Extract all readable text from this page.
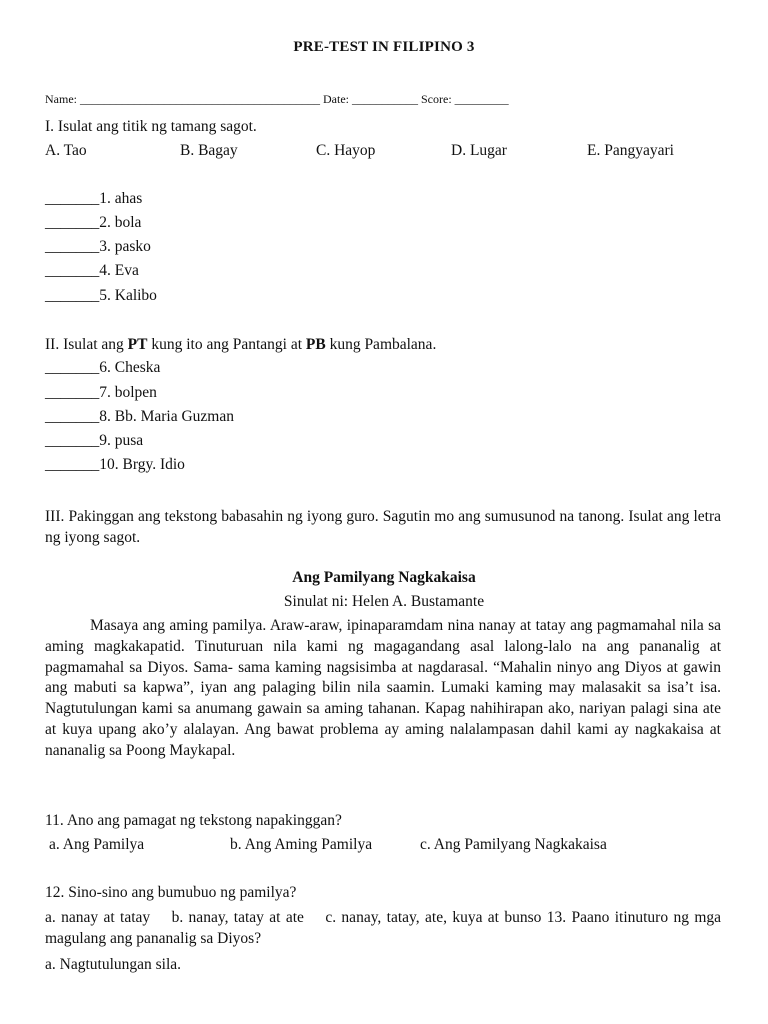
PRE-TEST IN FILIPINO 3
Name: ________________________________________ Date: ___________ Score: _________
I. Isulat ang titik ng tamang sagot.
A. Tao	B. Bagay	C. Hayop	D. Lugar	E. Pangyayari
_______1. ahas
_______2. bola
_______3. pasko
_______4. Eva
_______5. Kalibo
II. Isulat ang PT kung ito ang Pantangi at PB kung Pambalana.
_______6. Cheska
_______7. bolpen
_______8. Bb. Maria Guzman
_______9. pusa
_______10. Brgy. Idio
III. Pakinggan ang tekstong babasahin ng iyong guro. Sagutin mo ang sumusunod na tanong. Isulat ang letra ng iyong sagot.
Ang Pamilyang Nagkakaisa
Sinulat ni: Helen A. Bustamante
Masaya ang aming pamilya. Araw-araw, ipinaparamdam nina nanay at tatay ang pagmamahal nila sa aming magkakapatid. Tinuturuan nila kami ng magagandang asal lalong-lalo na ang pananalig at pagmamahal sa Diyos. Sama- sama kaming nagsisimba at nagdarasal. “Mahalin ninyo ang Diyos at gawin ang mabuti sa kapwa”, iyan ang palaging bilin nila saamin. Lumaki kaming may malasakit sa isa’t isa. Nagtutulungan kami sa anumang gawain sa aming tahanan. Kapag nahihirapan ako, nariyan palagi sina ate at kuya upang ako’y alalayan. Ang bawat problema ay aming nalalampasan dahil kami ay nagkakaisa at nananalig sa Poong Maykapal.
11. Ano ang pamagat ng tekstong napakinggan?
a. Ang Pamilya	b. Ang Aming Pamilya	c. Ang Pamilyang Nagkakaisa
12. Sino-sino ang bumubuo ng pamilya?
a. nanay at tatay    b. nanay, tatay at ate    c. nanay, tatay, ate, kuya at bunso 13. Paano itinuturo ng mga magulang ang pananalig sa Diyos?
a. Nagtutulungan sila.
